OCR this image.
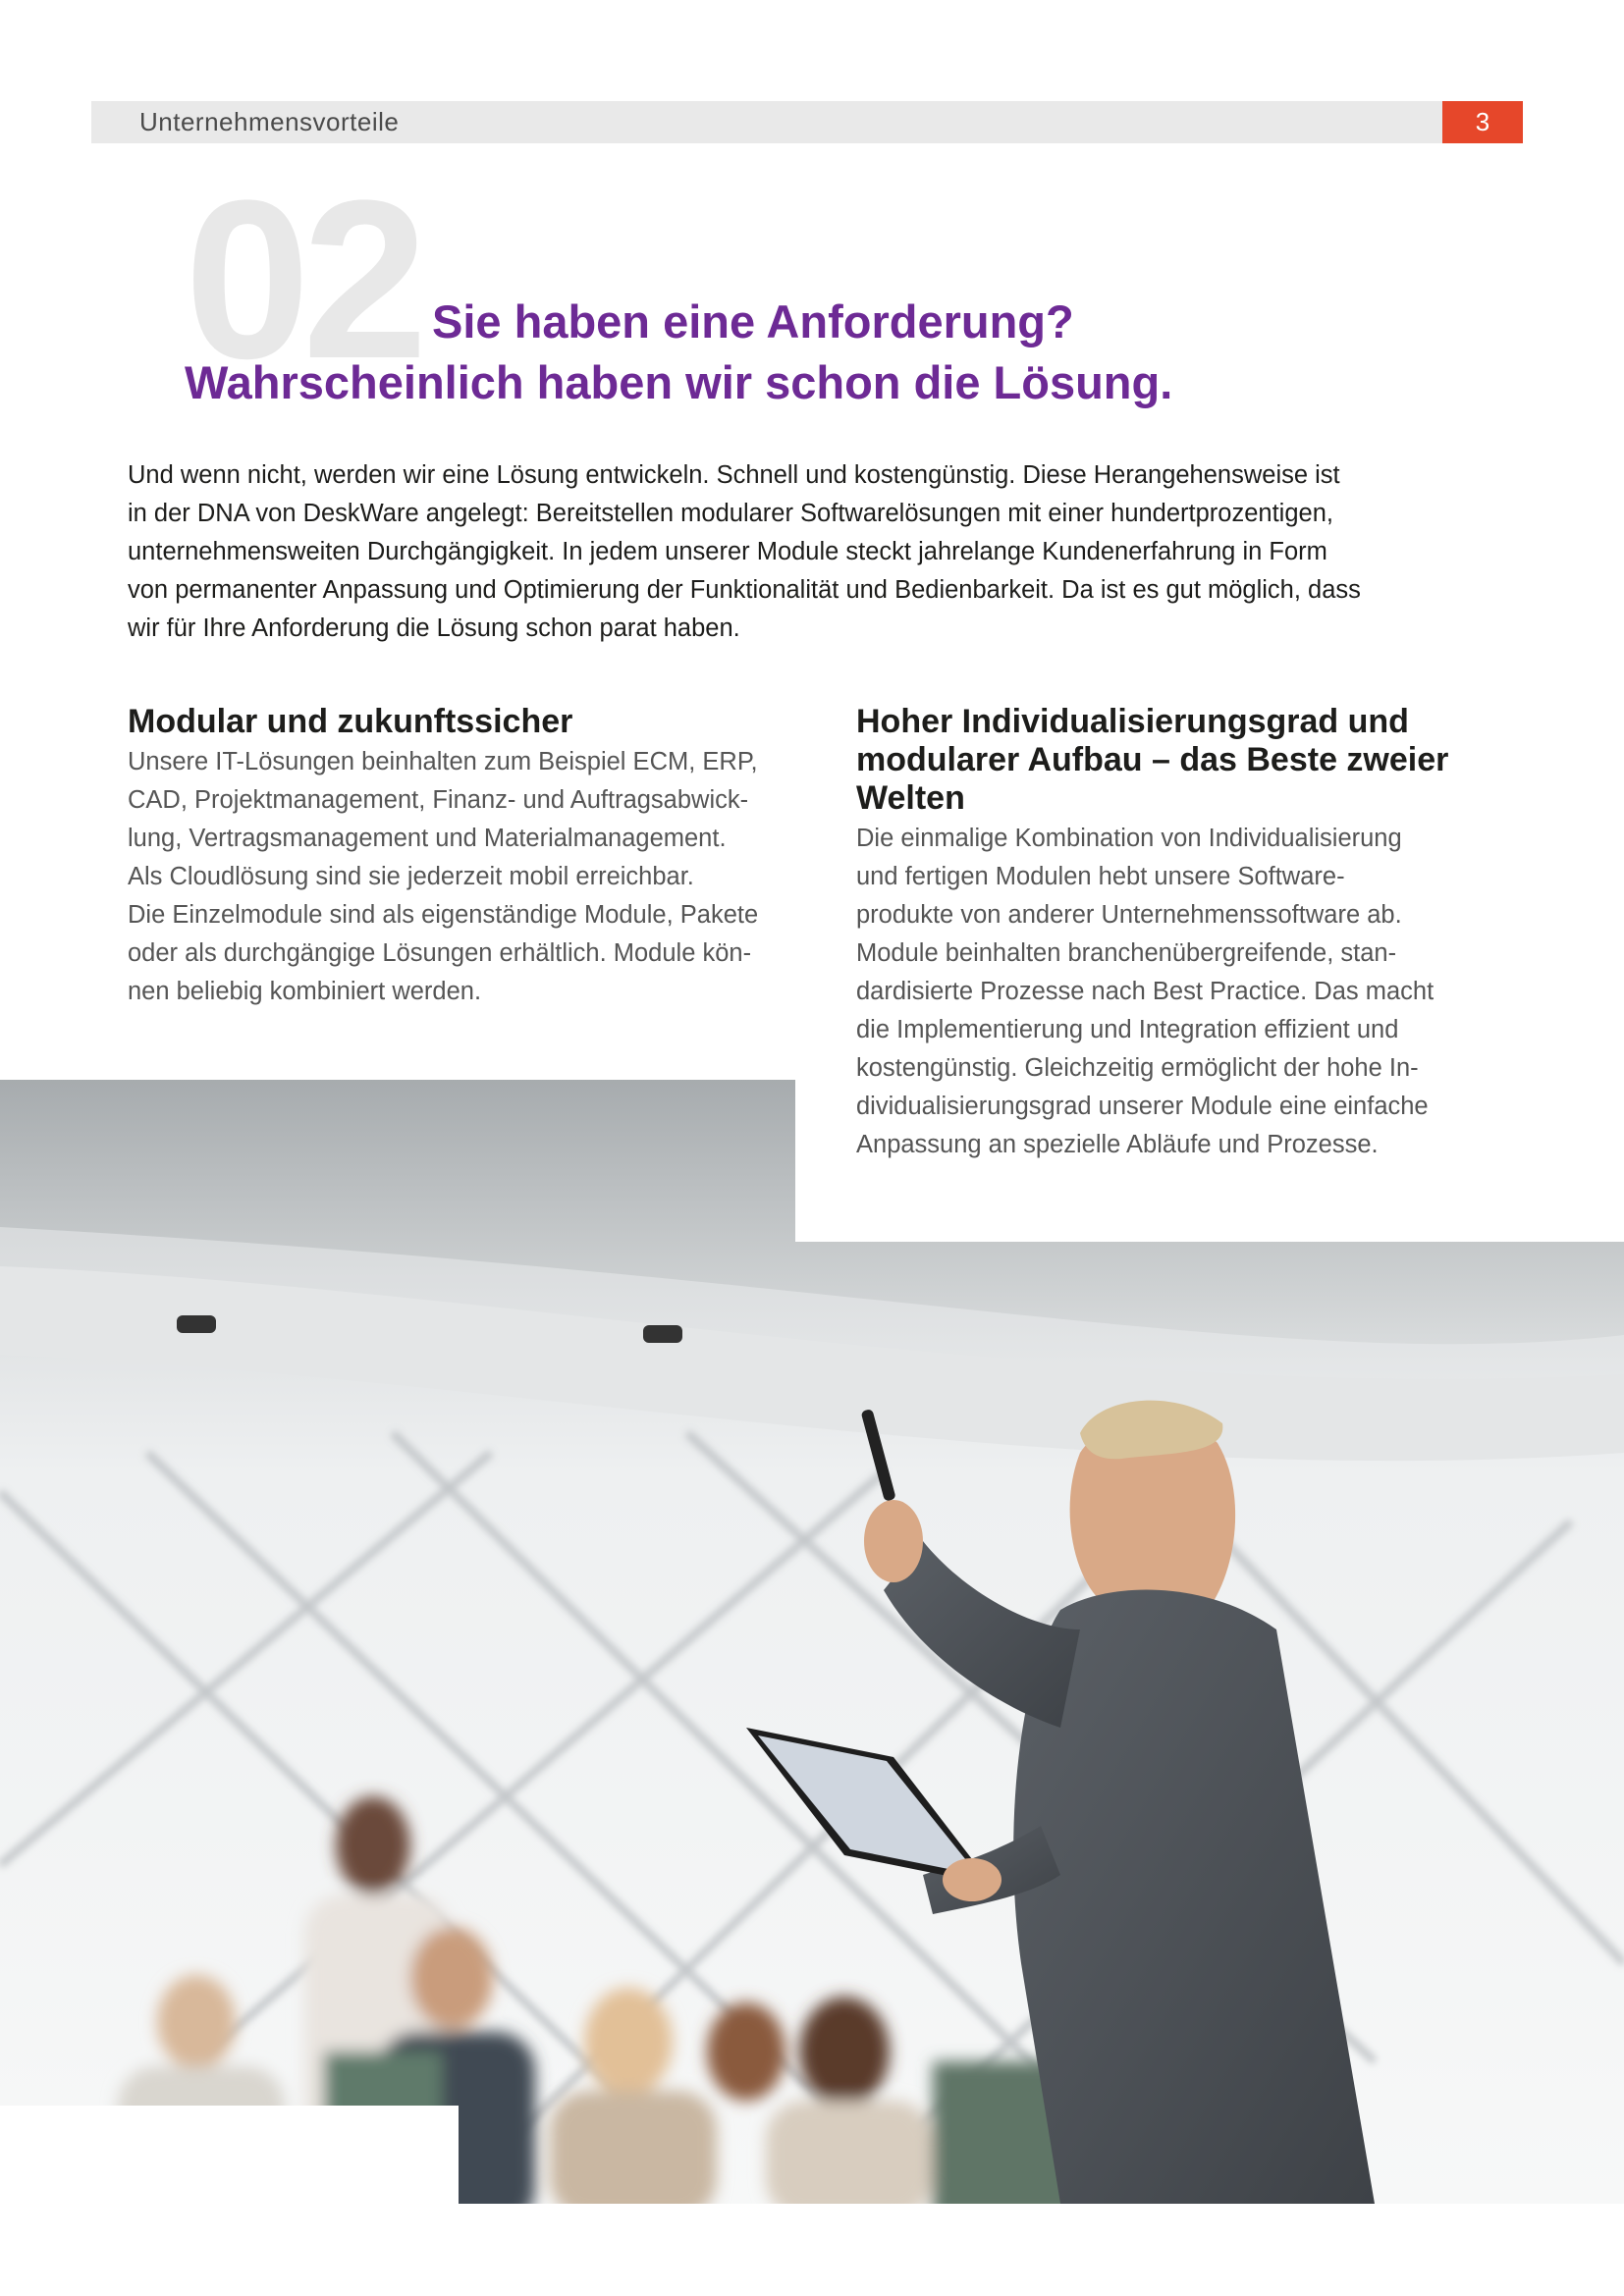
Unternehmensvorteile	3
02 Sie haben eine Anforderung?
Wahrscheinlich haben wir schon die Lösung.

Und wenn nicht, werden wir eine Lösung entwickeln. Schnell und kostengünstig. Diese Herangehensweise ist

in der DNA von DeskWare angelegt: Bereitstellen modularer Softwarelösungen mit einer hundertprozentigen,

unternehmensweiten Durchgängigkeit. In jedem unserer Module steckt jahrelange Kundenerfahrung in Form

von permanenter Anpassung und Optimierung der Funktionalität und Bedienbarkeit. Da ist es gut möglich, dass

wir für Ihre Anforderung die Lösung schon parat haben.

Modular und zukunftssicher

Unsere IT-Lösungen beinhalten zum Beispiel ECM, ERP,

CAD, Projektmanagement, Finanz- und Auftragsabwick-

lung, Vertragsmanagement und Materialmanagement.

Als Cloudlösung sind sie jederzeit mobil erreichbar.

Die Einzelmodule sind als eigenständige Module, Pakete

oder als durchgängige Lösungen erhältlich. Module kön-

nen beliebig kombiniert werden.

Hoher Individualisierungsgrad und

modularer Aufbau – das Beste zweier

Welten

Die einmalige Kombination von Individualisierung

und fertigen Modulen hebt unsere Software-

produkte von anderer Unternehmenssoftware ab.

Module beinhalten branchenübergreifende, stan-

dardisierte Prozesse nach Best Practice. Das macht

die Implementierung und Integration effizient und

kostengünstig. Gleichzeitig ermöglicht der hohe In-

dividualisierungsgrad unserer Module eine einfache

Anpassung an spezielle Abläufe und Prozesse.
